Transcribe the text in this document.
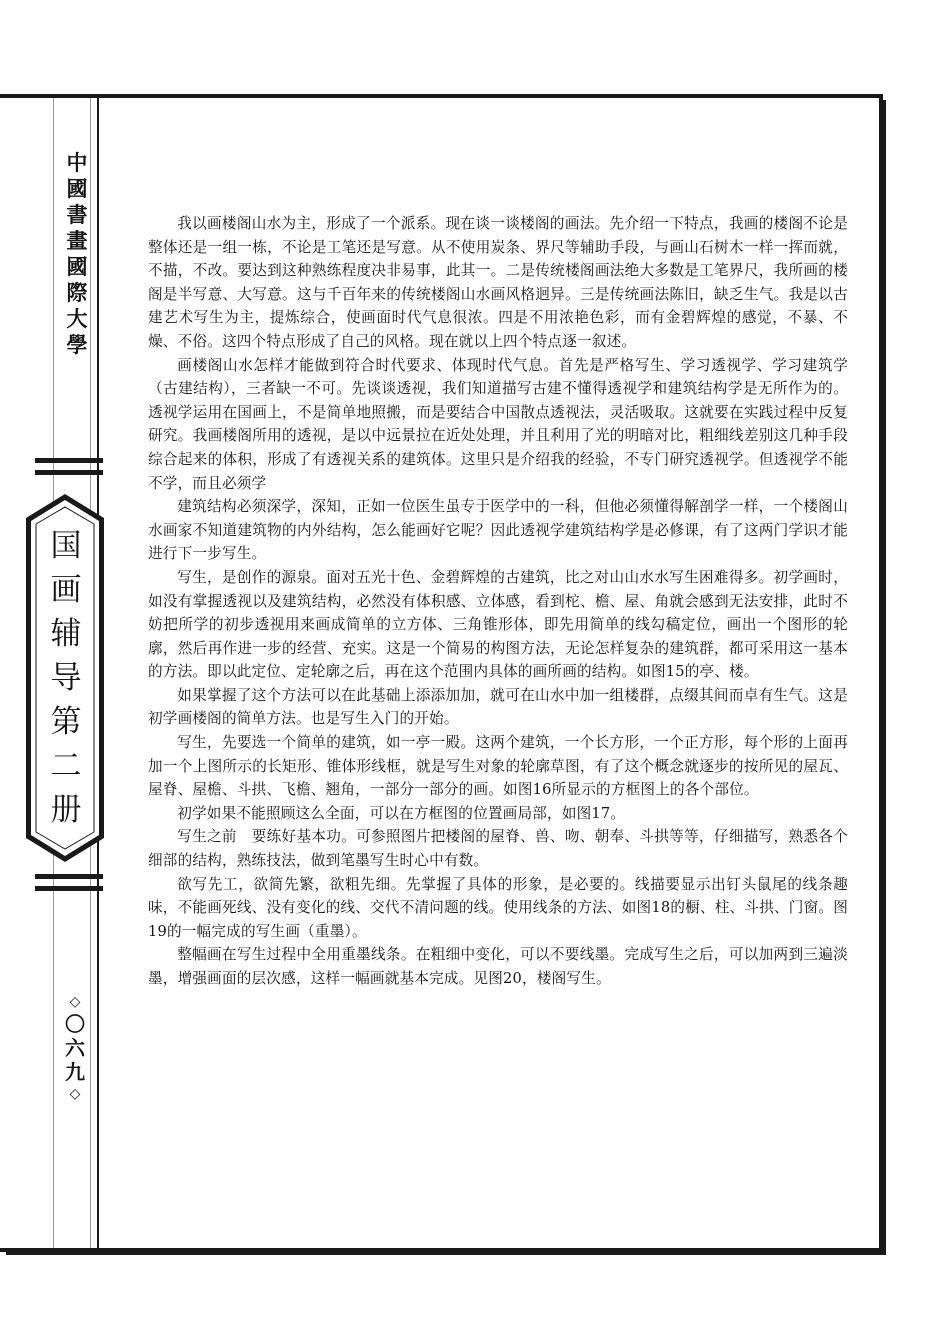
中
國
書
畫
國
際
大
學
国
画
辅
导
第
二
册
◇
〇
六
九
◇

我以画楼阁山水为主，形成了一个派系。现在谈一谈楼阁的画法。先介绍一下特点，我画的楼阁不论是整体还是一组一栋，不论是工笔还是写意。从不使用炭条、界尺等辅助手段，与画山石树木一样一挥而就，不描，不改。要达到这种熟练程度决非易事，此其一。二是传统楼阁画法绝大多数是工笔界尺，我所画的楼阁是半写意、大写意。这与千百年来的传统楼阁山水画风格迥异。三是传统画法陈旧，缺乏生气。我是以古建艺术写生为主，提炼综合，使画面时代气息很浓。四是不用浓艳色彩，而有金碧辉煌的感觉，不暴、不燥、不俗。这四个特点形成了自己的风格。现在就以上四个特点逐一叙述。

画楼阁山水怎样才能做到符合时代要求、体现时代气息。首先是严格写生、学习透视学、学习建筑学（古建结构），三者缺一不可。先谈谈透视，我们知道描写古建不懂得透视学和建筑结构学是无所作为的。透视学运用在国画上，不是简单地照搬，而是要结合中国散点透视法，灵活吸取。这就要在实践过程中反复研究。我画楼阁所用的透视，是以中远景拉在近处处理，并且利用了光的明暗对比，粗细线差别这几种手段综合起来的体积，形成了有透视关系的建筑体。这里只是介绍我的经验，不专门研究透视学。但透视学不能不学，而且必须学

建筑结构必须深学，深知，正如一位医生虽专于医学中的一科，但他必须懂得解剖学一样，一个楼阁山水画家不知道建筑物的内外结构，怎么能画好它呢？因此透视学建筑结构学是必修课，有了这两门学识才能进行下一步写生。

写生，是创作的源泉。面对五光十色、金碧辉煌的古建筑，比之对山山水水写生困难得多。初学画时，如没有掌握透视以及建筑结构，必然没有体积感、立体感，看到柁、檐、屋、角就会感到无法安排，此时不妨把所学的初步透视用来画成简单的立方体、三角锥形体，即先用简单的线勾稿定位，画出一个图形的轮廓，然后再作进一步的经营、充实。这是一个简易的构图方法，无论怎样复杂的建筑群，都可采用这一基本的方法。即以此定位、定轮廓之后，再在这个范围内具体的画所画的结构。如图15的亭、楼。

如果掌握了这个方法可以在此基础上添添加加，就可在山水中加一组楼群，点缀其间而卓有生气。这是初学画楼阁的简单方法。也是写生入门的开始。

写生，先要选一个简单的建筑，如一亭一殿。这两个建筑，一个长方形，一个正方形，每个形的上面再加一个上图所示的长矩形、锥体形线框，就是写生对象的轮廓草图，有了这个概念就逐步的按所见的屋瓦、屋脊、屋檐、斗拱、飞檐、翘角，一部分一部分的画。如图16所显示的方框图上的各个部位。

初学如果不能照顾这么全面，可以在方框图的位置画局部，如图17。

写生之前　要练好基本功。可参照图片把楼阁的屋脊、兽、吻、朝奉、斗拱等等，仔细描写，熟悉各个细部的结构，熟练技法，做到笔墨写生时心中有数。

欲写先工，欲简先繁，欲粗先细。先掌握了具体的形象，是必要的。线描要显示出钉头鼠尾的线条趣味，不能画死线、没有变化的线、交代不清问题的线。使用线条的方法、如图18的橱、柱、斗拱、门窗。图19的一幅完成的写生画（重墨）。

整幅画在写生过程中全用重墨线条。在粗细中变化，可以不要线墨。完成写生之后，可以加两到三遍淡墨，增强画面的层次感，这样一幅画就基本完成。见图20，楼阁写生。
